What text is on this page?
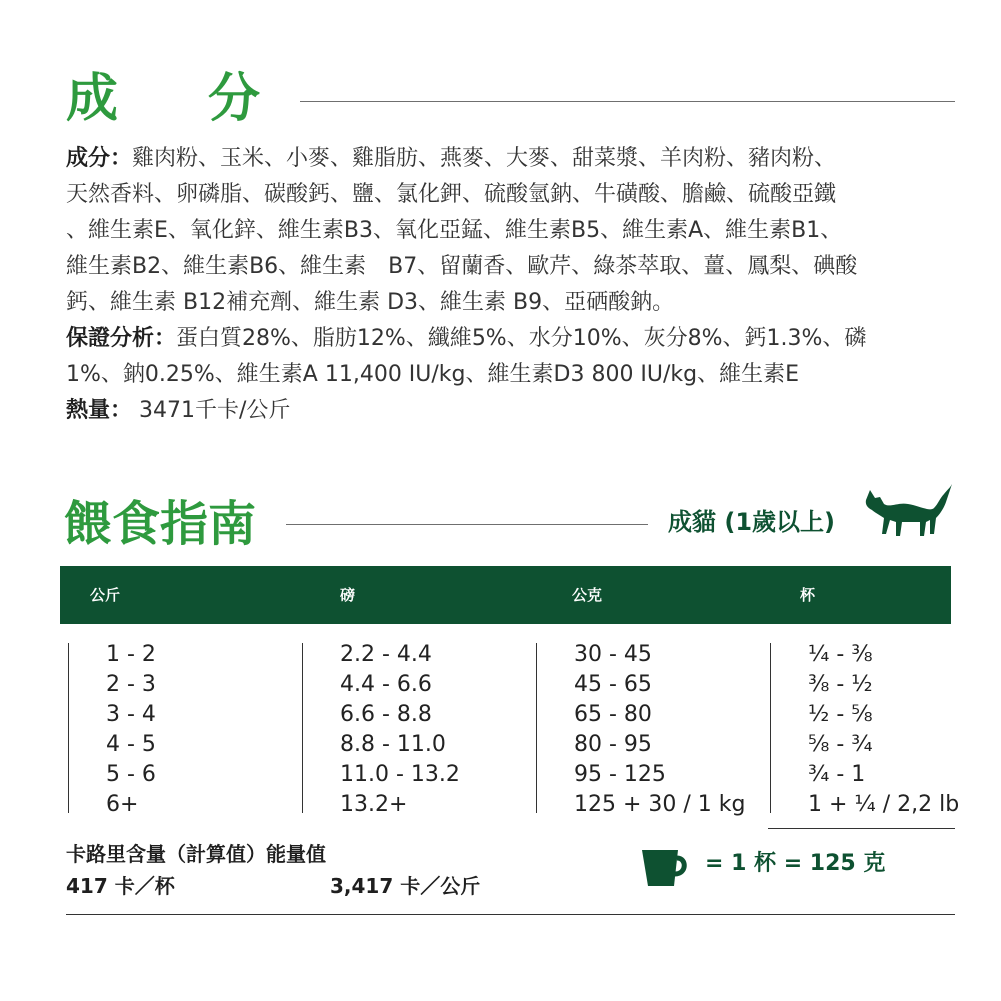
成分
成分：雞肉粉、玉米、小麥、雞脂肪、燕麥、大麥、甜菜漿、羊肉粉、豬肉粉、
天然香料、卵磷脂、碳酸鈣、鹽、氯化鉀、硫酸氫鈉、牛磺酸、膽鹼、硫酸亞鐵
、維生素E、氧化鋅、維生素B3、氧化亞錳、維生素B5、維生素A、維生素B1、
維生素B2、維生素B6、維生素　B7、留蘭香、歐芹、綠茶萃取、薑、鳳梨、碘酸
鈣、維生素 B12補充劑、維生素 D3、維生素 B9、亞硒酸鈉。
保證分析：蛋白質28%、脂肪12%、纖維5%、水分10%、灰分8%、鈣1.3%、磷
1%、鈉0.25%、維生素A 11,400 IU/kg、維生素D3 800 IU/kg、維生素E
熱量： 3471千卡/公斤
餵食指南	成貓 (1歲以上)
公斤	磅	公克	杯
1 - 2	2.2 - 4.4	30 - 45	¼ - ⅜
2 - 3	4.4 - 6.6	45 - 65	⅜ - ½
3 - 4	6.6 - 8.8	65 - 80	½ - ⅝
4 - 5	8.8 - 11.0	80 - 95	⅝ - ¾
5 - 6	11.0 - 13.2	95 - 125	¾ - 1
6+	13.2+	125 + 30 / 1 kg	1 + ¼ / 2,2 lb
卡路里含量（計算值）能量值
417 卡／杯	3,417 卡／公斤
= 1 杯 = 125 克
